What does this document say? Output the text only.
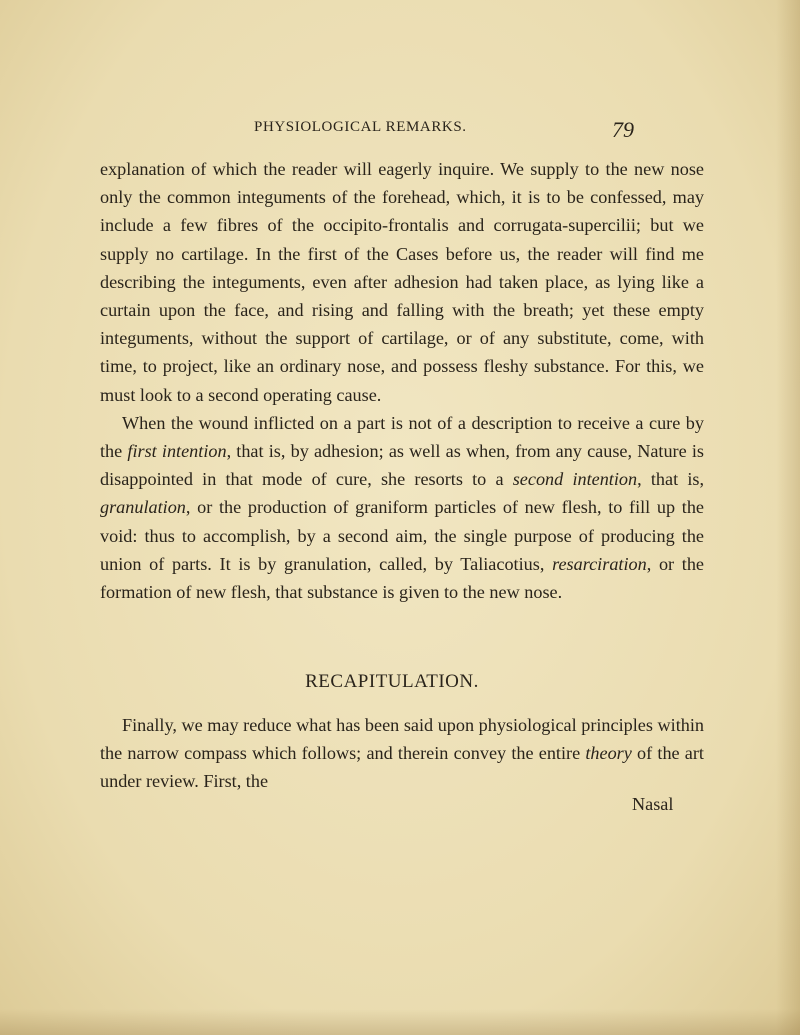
PHYSIOLOGICAL REMARKS.	79

explanation of which the reader will eagerly inquire. We supply to the new nose only the common integuments of the forehead, which, it is to be confessed, may include a few fibres of the occipito-frontalis and corrugata-supercilii; but we supply no cartilage. In the first of the Cases before us, the reader will find me describing the integuments, even after adhesion had taken place, as lying like a curtain upon the face, and rising and falling with the breath; yet these empty integuments, without the support of cartilage, or of any substitute, come, with time, to project, like an ordinary nose, and possess fleshy substance. For this, we must look to a second operating cause.

When the wound inflicted on a part is not of a description to receive a cure by the first intention, that is, by adhesion; as well as when, from any cause, Nature is disappointed in that mode of cure, she resorts to a second intention, that is, granulation, or the production of graniform particles of new flesh, to fill up the void: thus to accomplish, by a second aim, the single purpose of producing the union of parts. It is by granulation, called, by Taliacotius, resarciration, or the formation of new flesh, that substance is given to the new nose.

RECAPITULATION.

Finally, we may reduce what has been said upon physiological principles within the narrow compass which follows; and therein convey the entire theory of the art under review. First, the

Nasal
